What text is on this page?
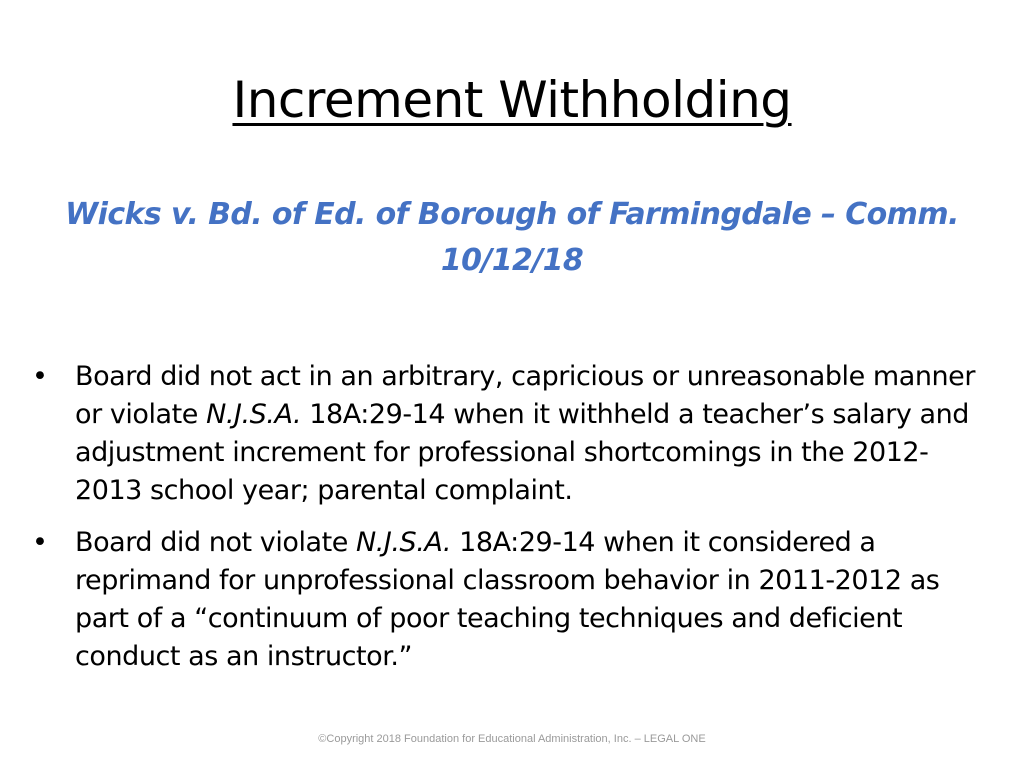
Increment Withholding
Wicks v. Bd. of Ed. of Borough of Farmingdale – Comm.
10/12/18
• Board did not act in an arbitrary, capricious or unreasonable manner or violate N.J.S.A. 18A:29-14 when it withheld a teacher’s salary and adjustment increment for professional shortcomings in the 2012-2013 school year; parental complaint.
• Board did not violate N.J.S.A. 18A:29-14 when it considered a reprimand for unprofessional classroom behavior in 2011-2012 as part of a “continuum of poor teaching techniques and deficient conduct as an instructor.”
©Copyright 2018 Foundation for Educational Administration, Inc. – LEGAL ONE
